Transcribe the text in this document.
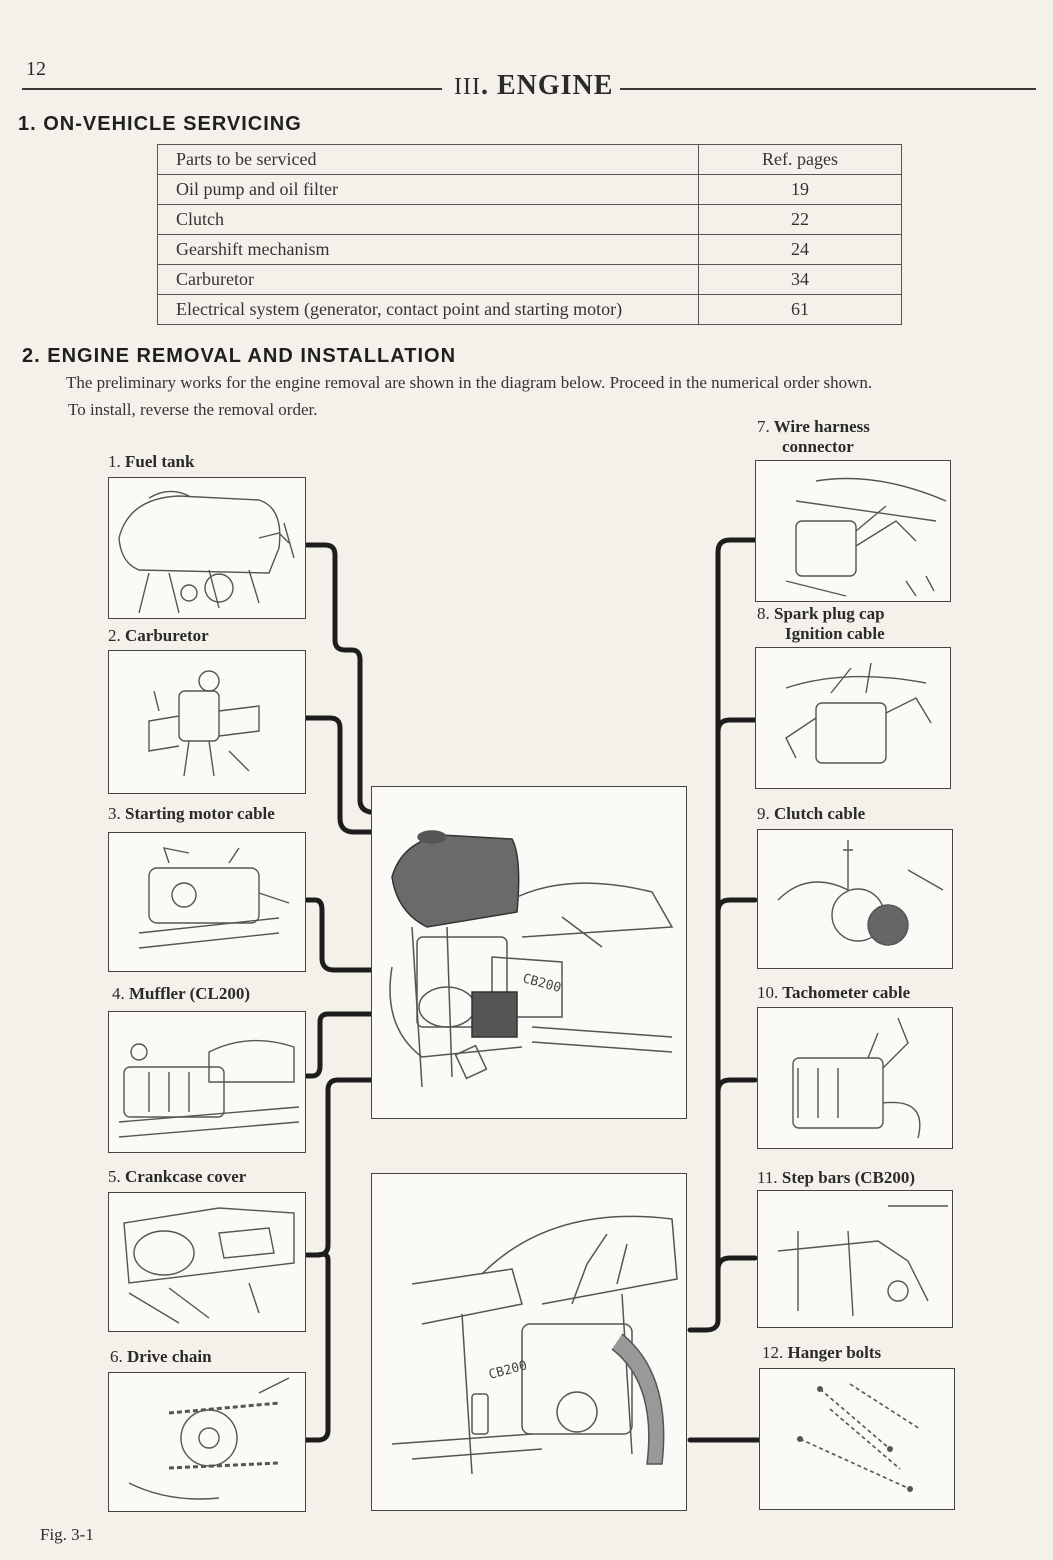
12
III. ENGINE
1. ON-VEHICLE SERVICING
Parts to be serviced	Ref. pages
Oil pump and oil filter	19
Clutch	22
Gearshift mechanism	24
Carburetor	34
Electrical system (generator, contact point and starting motor)	61
2. ENGINE REMOVAL AND INSTALLATION
The preliminary works for the engine removal are shown in the diagram below. Proceed in the numerical order shown.
To install, reverse the removal order.
1. Fuel tank
2. Carburetor
3. Starting motor cable
4. Muffler (CL200)
5. Crankcase cover
6. Drive chain
CB200
CB200
7. Wire harness
connector
8. Spark plug cap
Ignition cable
9. Clutch cable
10. Tachometer cable
11. Step bars (CB200)
12. Hanger bolts
Fig. 3-1
